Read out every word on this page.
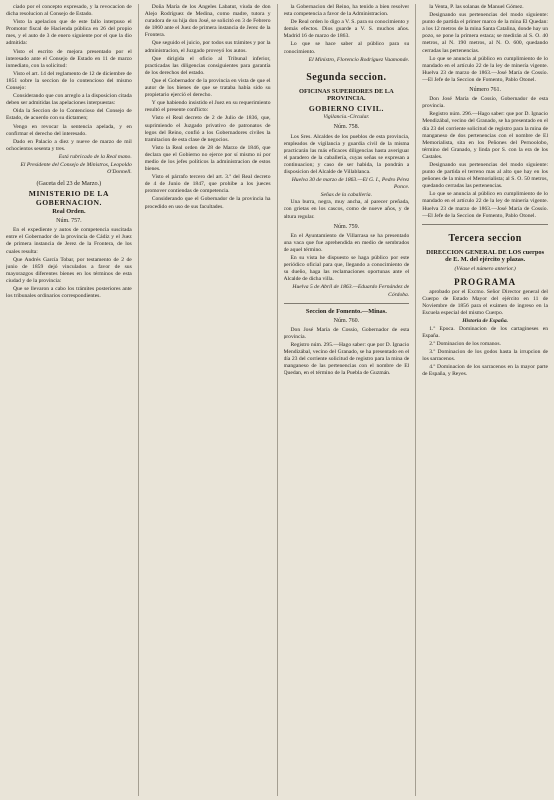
ciado por el concepto expresado, y la revocacion de dicha resolucion al Consejo de Estado.

Visto la apelacion que de este fallo interpuso el Promotor fiscal de Hacienda pública en 26 del propio mes, y el auto de 3 de enero siguiente por el que la dio admitida:

Visto el escrito de mejora presentado por el interesado ante el Consejo de Estado en 11 de marzo inmediato, con la solicitud:

Visto el art. 14 del reglamento de 12 de diciembre de 1851 sobre la seccion de lo contencioso del mismo Consejo:

Considerando que con arreglo a la disposicion citada deben ser admitidas las apelaciones interpuestas:

Oida la Seccion de lo Contencioso del Consejo de Estado, de acuerdo con su dictamen;

Vengo en revocar la sentencia apelada, y en confirmar el derecho del interesado.

Dado en Palacio a diez y nueve de marzo de mil ochocientos sesenta y tres.

Está rubricado de la Real mano.

El Presidente del Consejo de Ministros, Leopoldo O'Donnell.

(Gaceta del 23 de Marzo.)
MINISTERIO DE LA GOBERNACION.
Real Orden.
Núm. 757.

En el expediente y autos de competencia suscitada entre el Gobernador de la provincia de Cádiz y el Juez de primera instancia de Jerez de la Frontera, de los cuales resulta:

Que Andrés García Tobar, por testamento de 2 de junio de 1859 dejó vinculados a favor de sus mayorazgos diferentes bienes en los términos de esta ciudad y de la provincia:

Que se llevaron a cabo los trámites posteriores ante los tribunales ordinarios correspondientes.

Doña María de los Angeles Labatut, viuda de don Alejo Rodríguez de Medina, como madre, tutora y curadora de su hija don José, se solicitó en 3 de Febrero de 1860 ante el Juez de primera instancia de Jerez de la Frontera.

Que seguido el juicio, por todos sus trámites y por la administracion, el Juzgado proveyó los autos.

Que dirigida el oficio al Tribunal inferior, practicadas las diligencias consiguientes para garantía de los derechos del estado.

Que el Gobernador de la provincia en vista de que el autor de los bienes de que se trataba había sido su propietario ejerció el derecho.

Y que habiendo insistido el Juez en su requerimiento resultó el presente conflicto:

Visto el Real decreto de 2 de Julio de 1836, que, suprimiendo el Juzgado privativo de patronatos de legos del Reino, confió a los Gobernadores civiles la tramitacion de esta clase de negocios.

Visto la Real orden de 28 de Marzo de 1846, que declara que el Gobierno no ejerce por sí mismo ni por medio de los jefes políticos la administracion de estos bienes.

Visto el párrafo tercero del art. 3.º del Real decreto de 4 de Junio de 1847, que prohibe a los jueces promover contiendas de competencia.

Considerando que el Gobernador de la provincia ha procedido en uso de sus facultades.

la Gobernacion del Reino, ha tenido a bien resolver esta competencia a favor de la Administracion.

De Real orden lo digo a V. S. para su conocimiento y demás efectos. Dios guarde a V. S. muchos años. Madrid 16 de marzo de 1863.

Lo que se hace saber al público para su conocimiento.

El Ministro, Florencio Rodríguez Vaamonde.

Segunda seccion.
OFICINAS SUPERIORES DE LA PROVINCIA.
GOBIERNO CIVIL.
Vigilancia.-Circular.
Núm. 758.

Los Sres. Alcaldes de los pueblos de esta provincia, empleados de vigilancia y guardia civil de la misma practicarán las más eficaces diligencias hasta averiguar el paradero de la caballería, cuyas señas se expresan a continuacion; y caso de ser habida, la pondrán a disposicion del Alcalde de Villablanca.

Huelva 30 de marzo de 1863.—El G. I., Pedro Pérez Ponce.

Señas de la caballería.

Una burra, negra, muy ancha, al parecer preñada, con grietas en los cascos, como de nueve años, y de altura regular.

Núm. 759.

En el Ayuntamiento de Villarrasa se ha presentado una vaca que fue aprehendida en medio de sembrados de aquel término.

En su vista he dispuesto se haga público por este periódico oficial para que, llegando a conocimiento de su dueño, haga las reclamaciones oportunas ante el Alcalde de dicha villa.

Huelva 5 de Abril de 1863.—Eduardo Fernández de Córdoba.

Seccion de Fomento.—Minas.
Núm. 760.

Don José María de Cossío, Gobernador de esta provincia.

Registro núm. 295.—Hago saber: que por D. Ignacio Mendizábal, vecino del Granado, se ha presentado en el día 23 del corriente solicitud de registro para la mina de manganeso de las pertenencias con el nombre de El Quedan, en el término de la Puebla de Guzmán.

la Venta, P. las solanas de Manuel Gómez.

Designando sus pertenencias del modo siguiente: punto de partida el primer marco de la mina El Quedan: a los 12 metros de la mina Santa Catalina, donde hay un pozo, se pone la primera estaca; se medirán al S. O. 40 metros, al N. 190 metros, al N. O. 600, quedando cerradas las pertenencias.

Lo que se anuncia al público en cumplimiento de lo mandado en el artículo 22 de la ley de minería vigente. Huelva 23 de marzo de 1863.—José María de Cossío.—El Jefe de la Seccion de Fomento, Pablo Otonel.

Número 761.

Don José María de Cossío, Gobernador de esta provincia.

Registro núm. 296.—Hago saber: que por D. Ignacio Mendizábal, vecino del Granado, se ha presentado en el día 23 del corriente solicitud de registro para la mina de manganeso de dos pertenencias con el nombre de El Memorialista, sita en los Peñones del Pernoolobo, término del Granado, y linda por S. con la era de los Castales.

Designando sus pertenencias del modo siguiente: punto de partida el terreno mas al alto que hay en los peñones de la mina el Memorialista; al S. O. 50 metros, quedando cerradas las pertenencias.

Lo que se anuncia al público en cumplimiento de lo mandado en el artículo 22 de la ley de minería vigente. Huelva 23 de marzo de 1863.—José María de Cossío.—El Jefe de la Seccion de Fomento, Pablo Otonel.

Tercera seccion
DIRECCION GENERAL DE LOS cuerpos de E. M. del ejército y plazas.
(Véase el número anterior.)
PROGRAMA

aprobado por el Excmo. Señor Director general del Cuerpo de Estado Mayor del ejército en 11 de Noviembre de 1856 para el exámen de ingreso en la Escuela especial del mismo Cuerpo.

Historia de España.

1.º Epoca. Dominacion de los cartagineses en España.

2.º Dominacion de los romanos.

3.º Dominacion de los godos hasta la irrupcion de los sarracenos.

4.º Dominacion de los sarracenos en la mayor parte de España, y Reyes.
